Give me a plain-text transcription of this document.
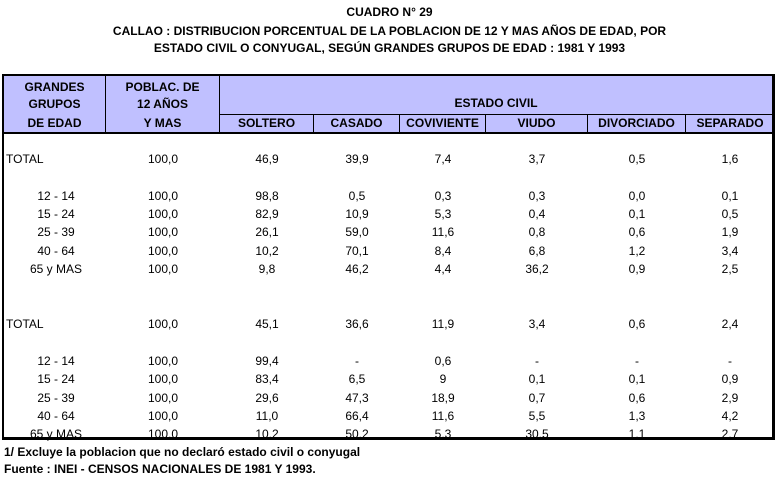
CUADRO N° 29
CALLAO : DISTRIBUCION PORCENTUAL DE LA POBLACION DE 12 Y MAS AÑOS DE EDAD, POR
ESTADO CIVIL O CONYUGAL, SEGÚN GRANDES GRUPOS DE EDAD : 1981 Y 1993
GRANDES
GRUPOS
DE EDAD
POBLAC. DE
12 AÑOS
Y MAS
ESTADO CIVIL
SOLTERO	CASADO	COVIVIENTE	VIUDO	DIVORCIADO	SEPARADO
TOTAL	100,0	46,9	39,9	7,4	3,7	0,5	1,6
12 - 14	100,0	98,8	0,5	0,3	0,3	0,0	0,1
15 - 24	100,0	82,9	10,9	5,3	0,4	0,1	0,5
25 - 39	100,0	26,1	59,0	11,6	0,8	0,6	1,9
40 - 64	100,0	10,2	70,1	8,4	6,8	1,2	3,4
65 y MAS	100,0	9,8	46,2	4,4	36,2	0,9	2,5
TOTAL	100,0	45,1	36,6	11,9	3,4	0,6	2,4
12 - 14	100,0	99,4	-	0,6	-	-	-
15 - 24	100,0	83,4	6,5	9	0,1	0,1	0,9
25 - 39	100,0	29,6	47,3	18,9	0,7	0,6	2,9
40 - 64	100,0	11,0	66,4	11,6	5,5	1,3	4,2
65 y MAS	100,0	10,2	50,2	5,3	30,5	1,1	2,7
1/ Excluye la poblacion que no declaró estado civil o conyugal
Fuente : INEI - CENSOS NACIONALES DE 1981 Y 1993.
